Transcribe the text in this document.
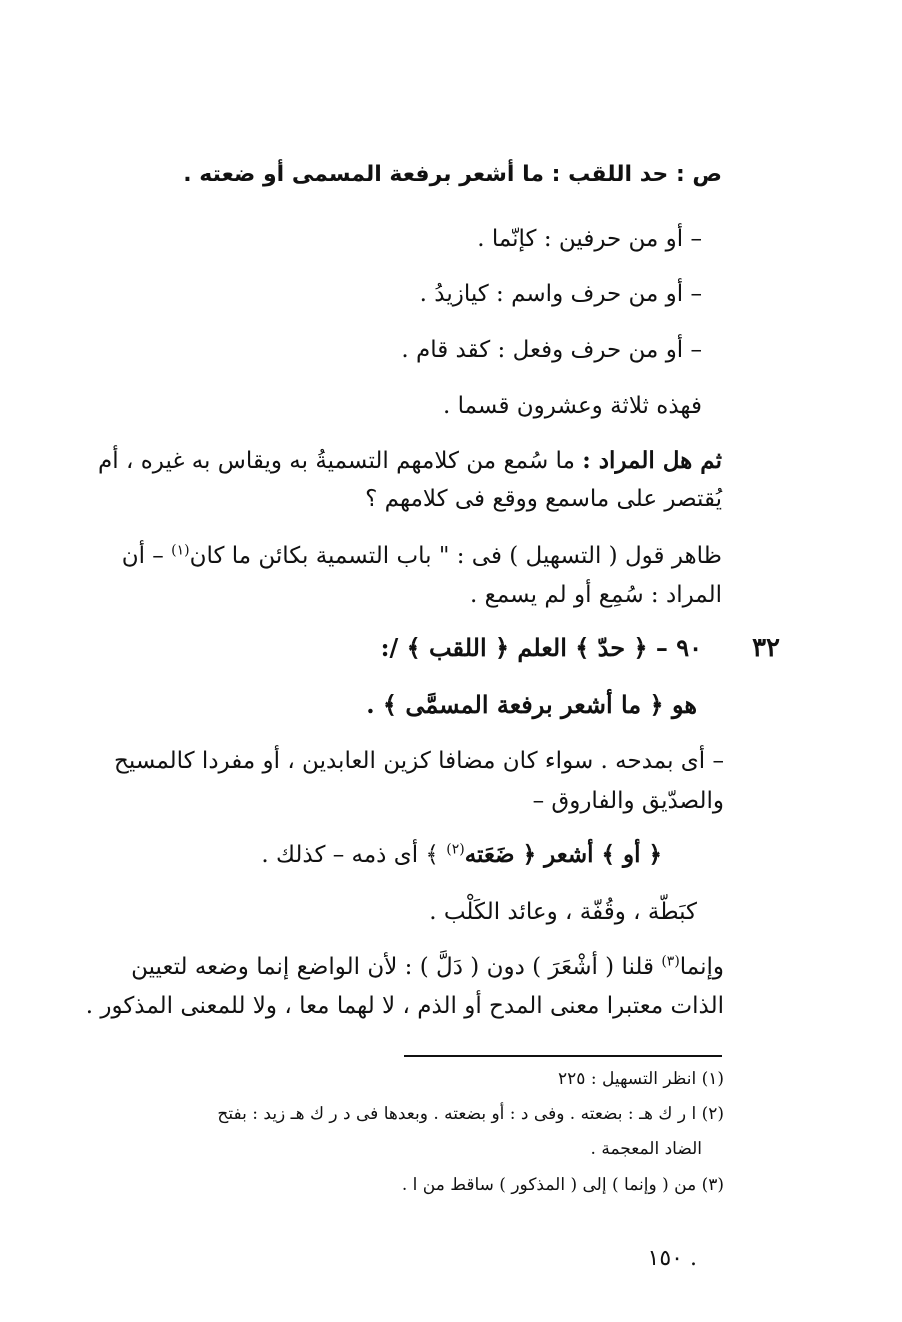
ص : حد اللقب : ما أشعر برفعة المسمى أو ضعته .
– أو من حرفين : كإنّما .
– أو من حرف واسم : كيازيدُ .
– أو من حرف وفعل : كقد قام .
فهذه ثلاثة وعشرون قسما .
ثم هل المراد : ما سُمع من كلامهم التسميةُ به ويقاس به غيره ، أم
يُقتصر على ماسمع ووقع فى كلامهم ؟
ظاهر قول ( التسهيل ) فى : " باب التسمية بكائن ما كان$^{(١)}$ – أن
المراد : سُمِع أو لم يسمع .
٣٢
٩٠ – ﴿ حدّ ﴾ العلم ﴿ اللقب ﴾ /:
هو ﴿ ما أشعر برفعة المسمَّى ﴾ .
– أى بمدحه . سواء كان مضافا كزين العابدين ، أو مفردا كالمسيح
والصدّيق والفاروق –
﴿ أو ﴾ أشعر ﴿ ضَعَته$^{(٢)}$ ﴾ أى ذمه – كذلك .
كبَطّة ، وقُفّة ، وعائد الكَلْب .
وإنما$^{(٣)}$ قلنا ( أشْعَرَ ) دون ( دَلَّ ) : لأن الواضع إنما وضعه لتعيين
الذات معتبرا معنى المدح أو الذم ، لا لهما معا ، ولا للمعنى المذكور .
(١) انظر التسهيل : ٢٢٥
(٢) ا ر ك هـ : بضعته . وفى د : أو بضعته . وبعدها فى د ر ك هـ زيد : بفتح
الضاد المعجمة .
(٣) من ( وإنما ) إلى ( المذكور ) ساقط من ا .
١٥٠ .
